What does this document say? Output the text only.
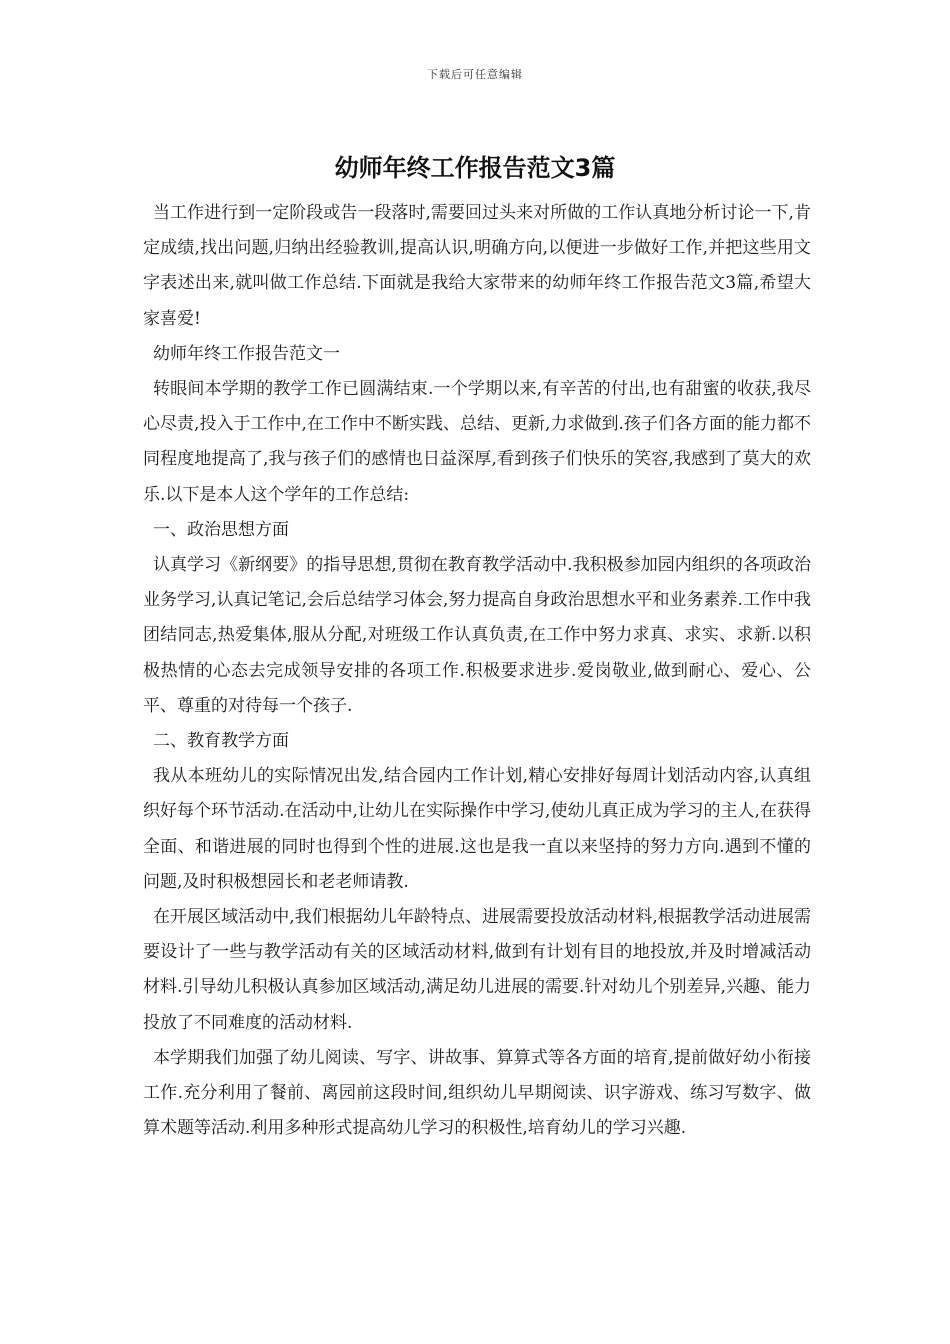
下载后可任意编辑
幼师年终工作报告范文3篇

当工作进行到一定阶段或告一段落时,需要回过头来对所做的工作认真地分析讨论一下,肯定成绩,找出问题,归纳出经验教训,提高认识,明确方向,以便进一步做好工作,并把这些用文字表述出来,就叫做工作总结.下面就是我给大家带来的幼师年终工作报告范文3篇,希望大家喜爱!

幼师年终工作报告范文一

转眼间本学期的教学工作已圆满结束.一个学期以来,有辛苦的付出,也有甜蜜的收获,我尽心尽责,投入于工作中,在工作中不断实践、总结、更新,力求做到.孩子们各方面的能力都不同程度地提高了,我与孩子们的感情也日益深厚,看到孩子们快乐的笑容,我感到了莫大的欢乐.以下是本人这个学年的工作总结:

一、政治思想方面

认真学习《新纲要》的指导思想,贯彻在教育教学活动中.我积极参加园内组织的各项政治业务学习,认真记笔记,会后总结学习体会,努力提高自身政治思想水平和业务素养.工作中我团结同志,热爱集体,服从分配,对班级工作认真负责,在工作中努力求真、求实、求新.以积极热情的心态去完成领导安排的各项工作.积极要求进步.爱岗敬业,做到耐心、爱心、公平、尊重的对待每一个孩子.

二、教育教学方面

我从本班幼儿的实际情况出发,结合园内工作计划,精心安排好每周计划活动内容,认真组织好每个环节活动.在活动中,让幼儿在实际操作中学习,使幼儿真正成为学习的主人,在获得全面、和谐进展的同时也得到个性的进展.这也是我一直以来坚持的努力方向.遇到不懂的问题,及时积极想园长和老老师请教.

在开展区域活动中,我们根据幼儿年龄特点、进展需要投放活动材料,根据教学活动进展需要设计了一些与教学活动有关的区域活动材料,做到有计划有目的地投放,并及时增减活动材料.引导幼儿积极认真参加区域活动,满足幼儿进展的需要.针对幼儿个别差异,兴趣、能力投放了不同难度的活动材料.

本学期我们加强了幼儿阅读、写字、讲故事、算算式等各方面的培育,提前做好幼小衔接工作.充分利用了餐前、离园前这段时间,组织幼儿早期阅读、识字游戏、练习写数字、做算术题等活动.利用多种形式提高幼儿学习的积极性,培育幼儿的学习兴趣.
